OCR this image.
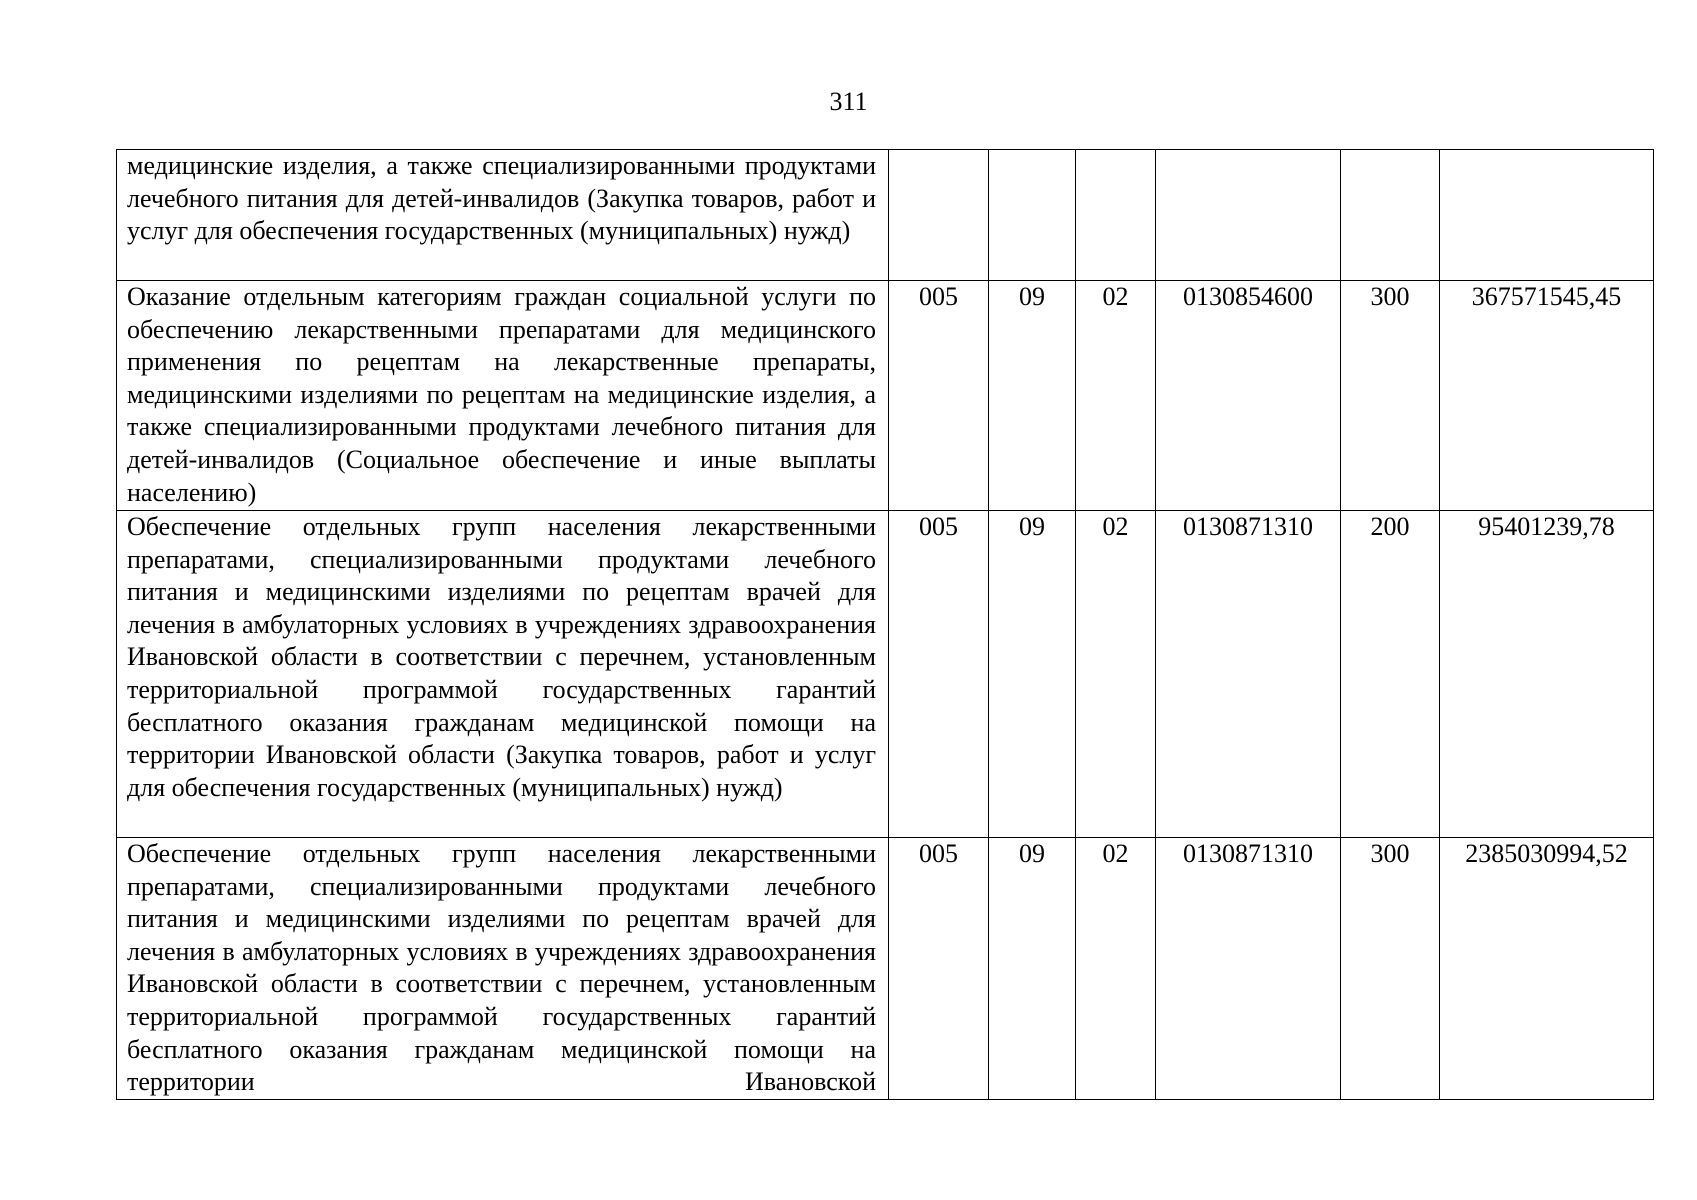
311
медицинские изделия, а также специализированными продуктами лечебного питания для детей-инвалидов (Закупка товаров, работ и услуг для обеспечения государственных (муниципальных) нужд)						
Оказание отдельным категориям граждан социальной услуги по обеспечению лекарственными препаратами для медицинского применения по рецептам на лекарственные препараты, медицинскими изделиями по рецептам на медицинские изделия, а также специализированными продуктами лечебного питания для детей-инвалидов (Социальное обеспечение и иные выплаты населению)	005	09	02	0130854600	300	367571545,45
Обеспечение отдельных групп населения лекарственными препаратами, специализированными продуктами лечебного питания и медицинскими изделиями по рецептам врачей для лечения в амбулаторных условиях в учреждениях здравоохранения Ивановской области в соответствии с перечнем, установленным территориальной программой государственных гарантий бесплатного оказания гражданам медицинской помощи на территории Ивановской области (Закупка товаров, работ и услуг для обеспечения государственных (муниципальных) нужд)	005	09	02	0130871310	200	95401239,78

Обеспечение отдельных групп населения лекарственными препаратами, специализированными продуктами лечебного питания и медицинскими изделиями по рецептам врачей для лечения в амбулаторных условиях в учреждениях здравоохранения Ивановской области в соответствии с перечнем, установленным территориальной программой государственных гарантий бесплатного оказания гражданам медицинской помощи на территории Ивановской	005	09	02	0130871310	300	2385030994,52
